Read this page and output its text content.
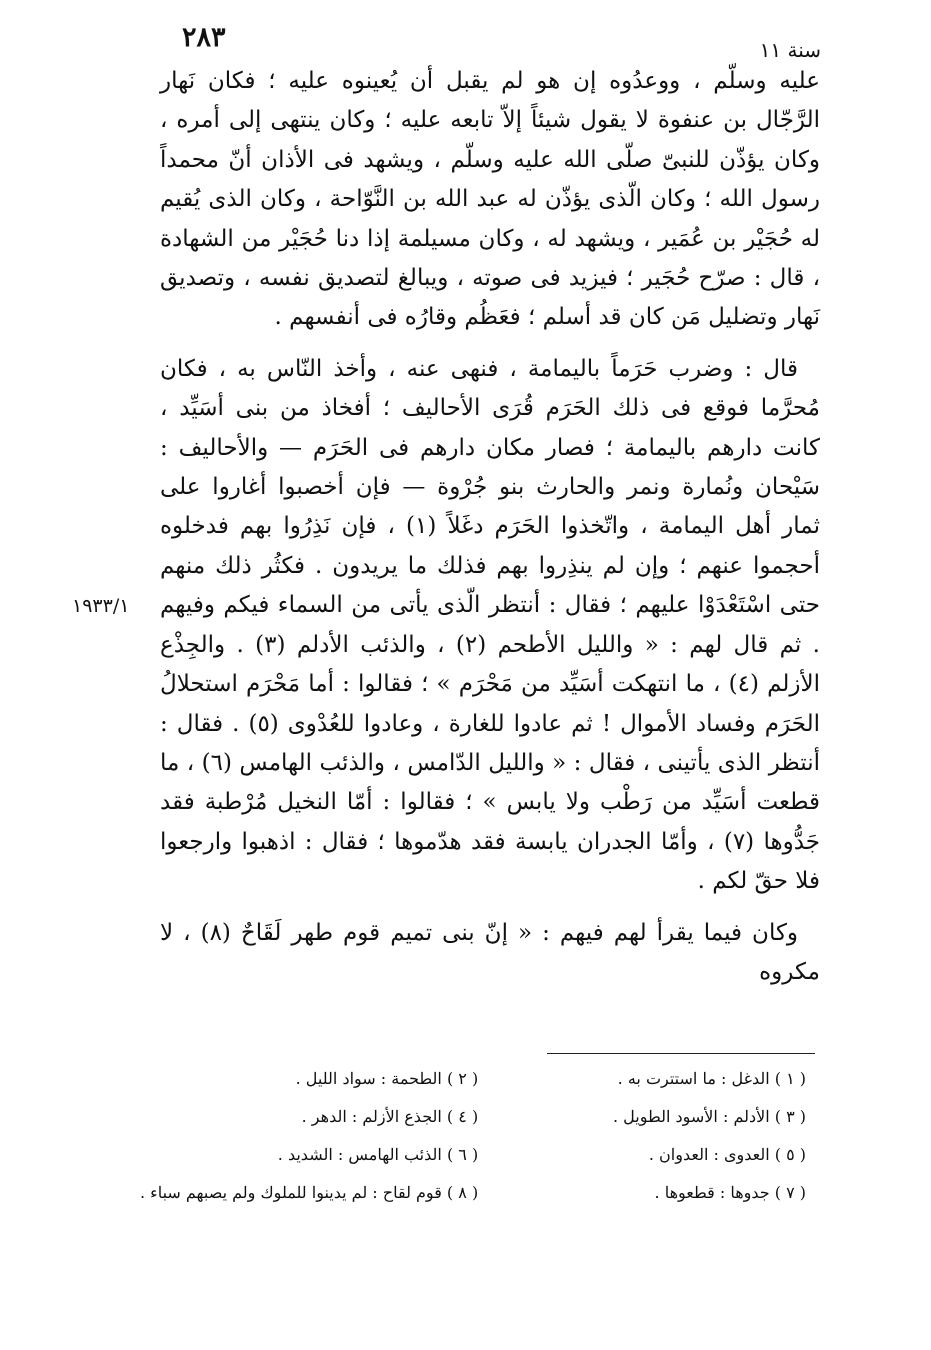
٢٨٣	سنة ١١
١٩٣٣/١

عليه وسلّم ، ووعدُوه إن هو لم يقبل أن يُعينوه عليه ؛ فكان نَهار الرَّجّال بن عنفوة لا يقول شيئاً إلاّ تابعه عليه ؛ وكان ينتهى إلى أمره ، وكان يؤذّن للنبىّ صلّى الله عليه وسلّم ، ويشهد فى الأذان أنّ محمداً رسول الله ؛ وكان الّذى يؤذّن له عبد الله بن النَّوّاحة ، وكان الذى يُقيم له حُجَيْر بن عُمَير ، ويشهد له ، وكان مسيلمة إذا دنا حُجَيْر من الشهادة ، قال : صرّح حُجَير ؛ فيزيد فى صوته ، ويبالغ لتصديق نفسه ، وتصديق نَهار وتضليل مَن كان قد أسلم ؛ فعَظُم وقارُه فى أنفسهم .

قال : وضرب حَرَماً باليمامة ، فنهى عنه ، وأخذ النّاس به ، فكان مُحرَّما فوقع فى ذلك الحَرَم قُرَى الأحاليف ؛ أفخاذ من بنى أسَيِّد ، كانت دارهم باليمامة ؛ فصار مكان دارهم فى الحَرَم — والأحاليف : سَيْحان ونُمارة ونمر والحارث بنو جُرْوة — فإن أخصبوا أغاروا على ثمار أهل اليمامة ، واتّخذوا الحَرَم دغَلاً (١) ، فإن نَذِرُوا بهم فدخلوه أحجموا عنهم ؛ وإن لم ينذِروا بهم فذلك ما يريدون . فكثُر ذلك منهم حتى اسْتَعْدَوْا عليهم ؛ فقال : أنتظر الّذى يأتى من السماء فيكم وفيهم . ثم قال لهم : « والليل الأطحم (٢) ، والذئب الأدلم (٣) . والجِذْع الأزلم (٤) ، ما انتهكت أسَيِّد من مَحْرَم » ؛ فقالوا : أما مَحْرَم استحلالُ الحَرَم وفساد الأموال ! ثم عادوا للغارة ، وعادوا للعُدْوى (٥) . فقال : أنتظر الذى يأتينى ، فقال : « والليل الدّامس ، والذئب الهامس (٦) ، ما قطعت أسَيِّد من رَطْب ولا يابس » ؛ فقالوا : أمّا النخيل مُرْطبة فقد جَدُّوها (٧) ، وأمّا الجدران يابسة فقد هدّموها ؛ فقال : اذهبوا وارجعوا فلا حقّ لكم .

وكان فيما يقرأ لهم فيهم : « إنّ بنى تميم قوم طهر لَقَاحٌ (٨) ، لا مكروه

( ١ ) الدغل : ما استترت به .
( ٢ ) الطحمة : سواد الليل .
( ٣ ) الأدلم : الأسود الطويل .
( ٤ ) الجذع الأزلم : الدهر .
( ٥ ) العدوى : العدوان .
( ٦ ) الذئب الهامس : الشديد .
( ٧ ) جدوها : قطعوها .
( ٨ ) قوم لقاح : لم يدينوا للملوك ولم يصبهم سباء .
